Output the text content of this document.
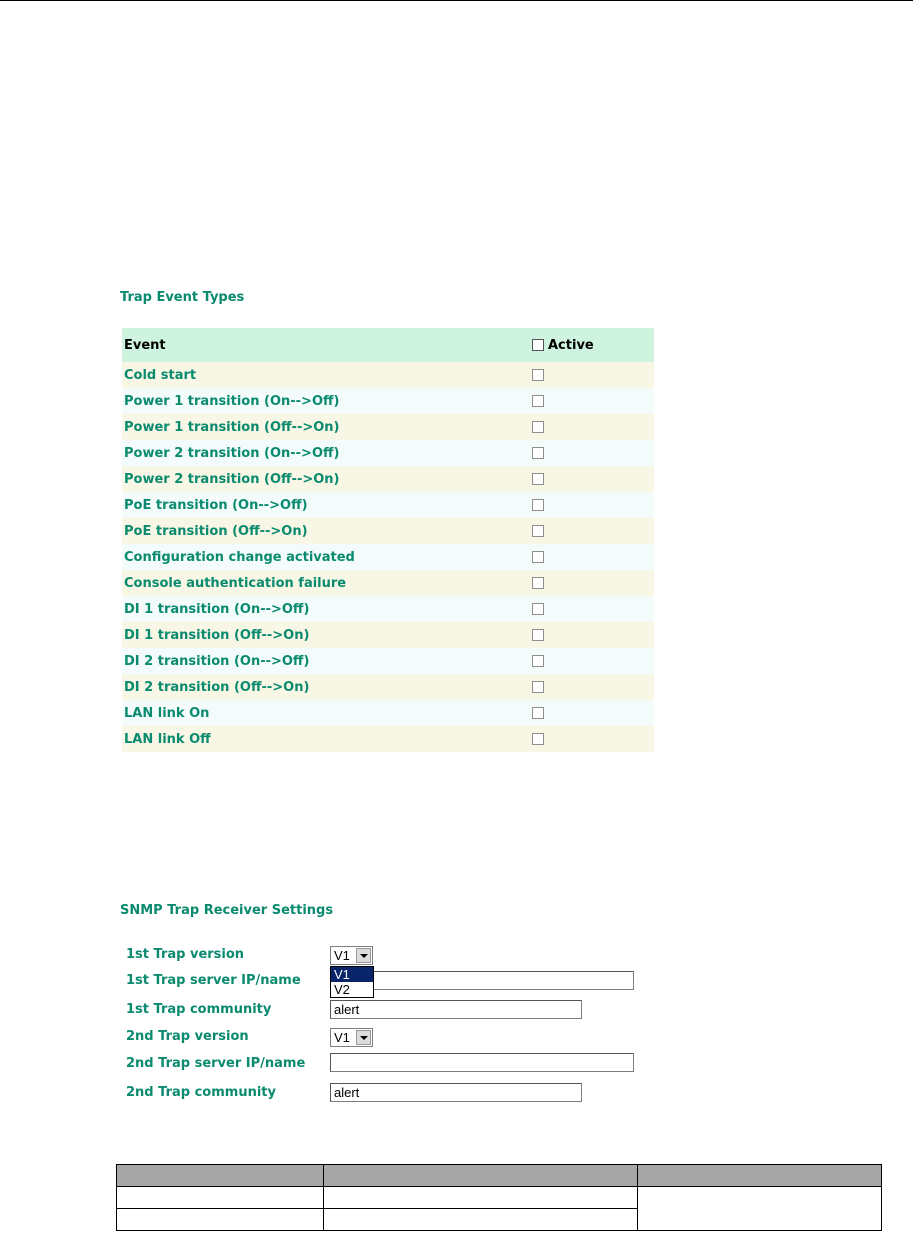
Trap Event Types
Event	Active
Cold start	
Power 1 transition (On-->Off)	
Power 1 transition (Off-->On)	
Power 2 transition (On-->Off)	
Power 2 transition (Off-->On)	
PoE transition (On-->Off)	
PoE transition (Off-->On)	
Configuration change activated	
Console authentication failure	
DI 1 transition (On-->Off)	
DI 1 transition (Off-->On)	
DI 2 transition (On-->Off)	
DI 2 transition (Off-->On)	
LAN link On	
LAN link Off	
SNMP Trap Receiver Settings
1st Trap version	V1
1st Trap server IP/name	V1
V2
1st Trap community	alert
2nd Trap version	V1
2nd Trap server IP/name
2nd Trap community	alert
